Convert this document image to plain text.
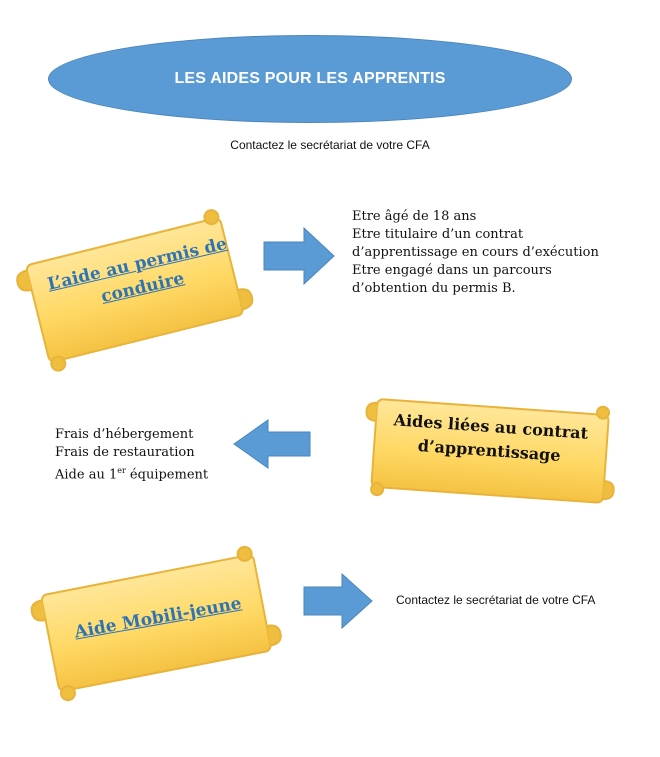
LES AIDES POUR LES APPRENTIS
Contactez le secrétariat de votre CFA
L’aide au permis de conduire
Etre âgé de 18 ans
Etre titulaire d’un contrat
d’apprentissage en cours d’exécution
Etre engagé dans un parcours
d’obtention du permis B.
Aides liées au contrat d’apprentissage
Frais d’hébergement
Frais de restauration
Aide au 1er équipement
Aide Mobili-jeune	Contactez le secrétariat de votre CFA
